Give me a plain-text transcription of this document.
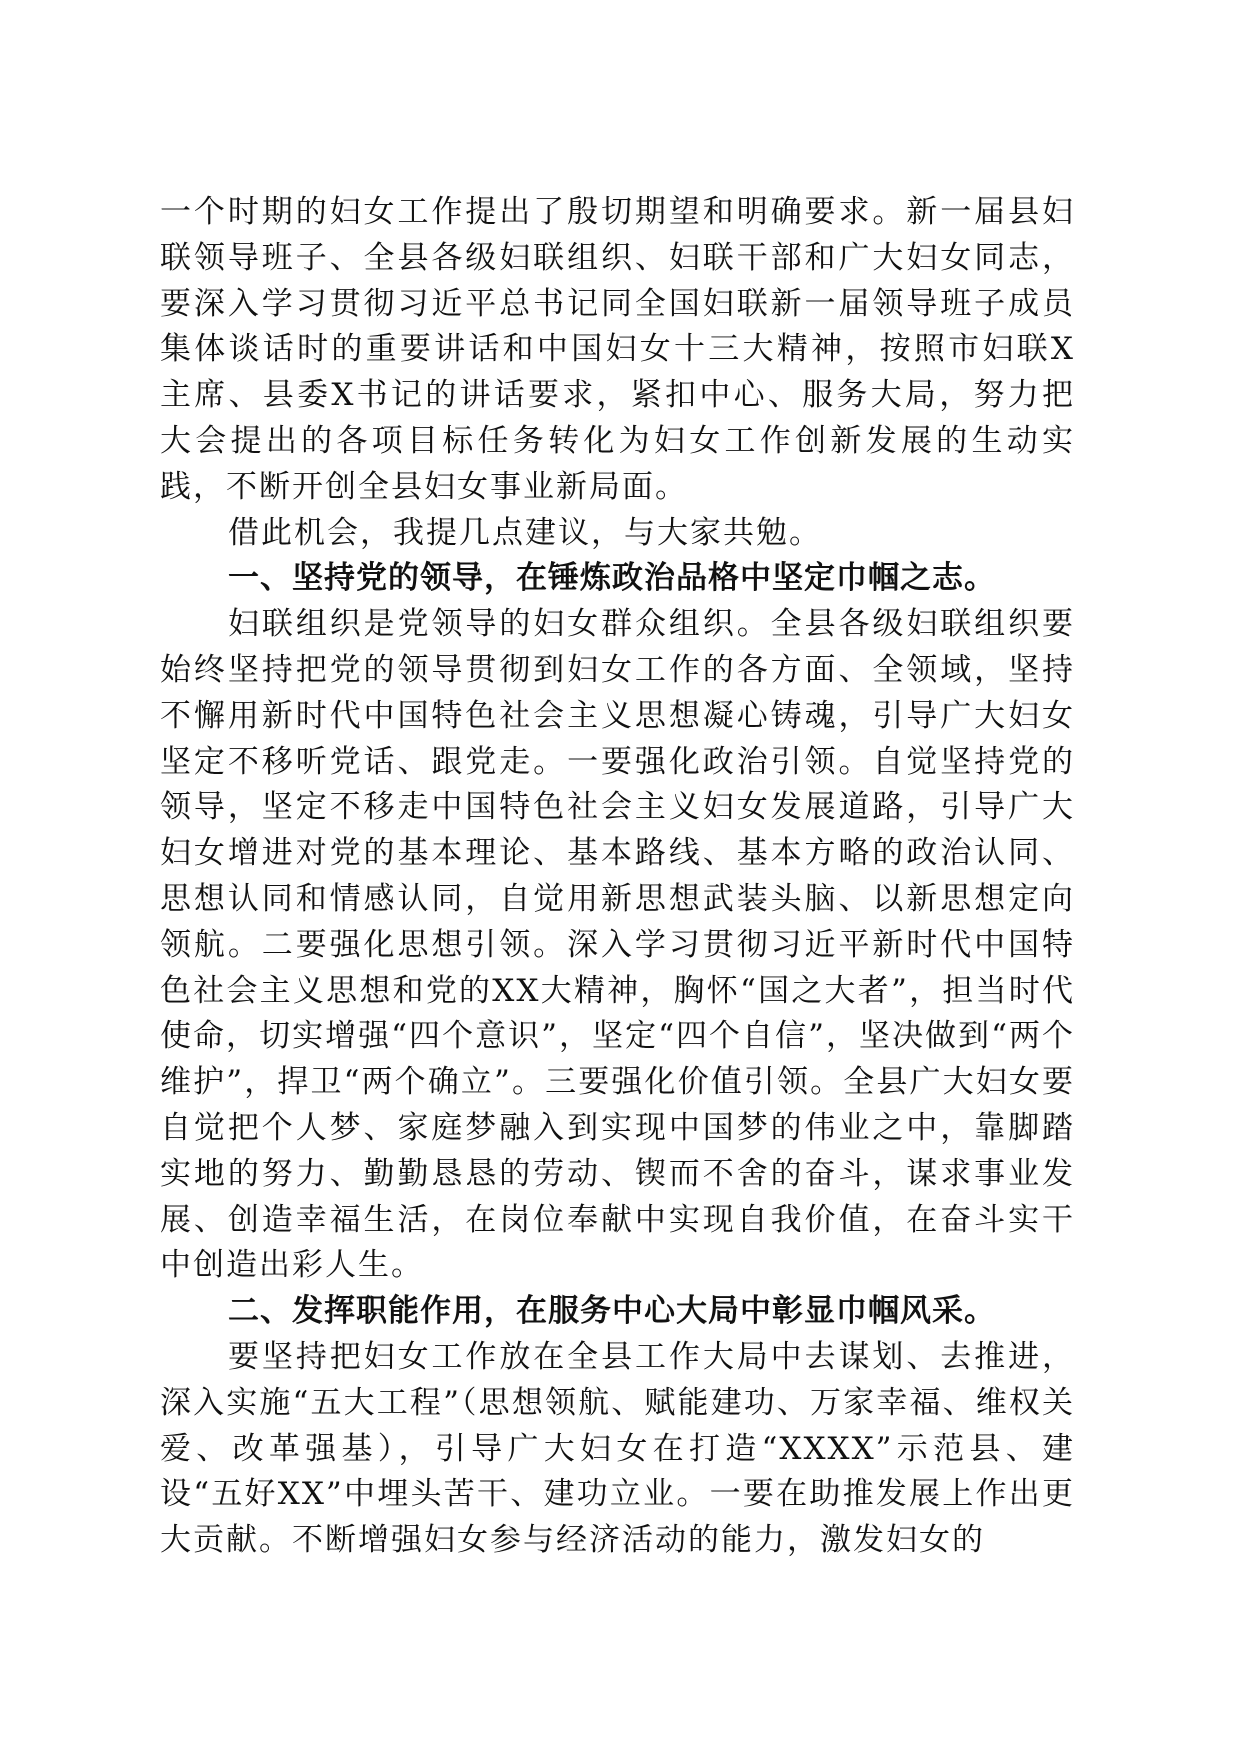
一个时期的妇女工作提出了殷切期望和明确要求。新一届县妇联领导班子、全县各级妇联组织、妇联干部和广大妇女同志，要深入学习贯彻习近平总书记同全国妇联新一届领导班子成员集体谈话时的重要讲话和中国妇女十三大精神，按照市妇联X主席、县委X书记的讲话要求，紧扣中心、服务大局，努力把大会提出的各项目标任务转化为妇女工作创新发展的生动实践，不断开创全县妇女事业新局面。

借此机会，我提几点建议，与大家共勉。

一、坚持党的领导，在锤炼政治品格中坚定巾帼之志。

妇联组织是党领导的妇女群众组织。全县各级妇联组织要始终坚持把党的领导贯彻到妇女工作的各方面、全领域，坚持不懈用新时代中国特色社会主义思想凝心铸魂，引导广大妇女坚定不移听党话、跟党走。一要强化政治引领。自觉坚持党的领导，坚定不移走中国特色社会主义妇女发展道路，引导广大妇女增进对党的基本理论、基本路线、基本方略的政治认同、思想认同和情感认同，自觉用新思想武装头脑、以新思想定向领航。二要强化思想引领。深入学习贯彻习近平新时代中国特色社会主义思想和党的XX大精神，胸怀“国之大者”，担当时代使命，切实增强“四个意识”，坚定“四个自信”，坚决做到“两个维护”，捍卫“两个确立”。三要强化价值引领。全县广大妇女要自觉把个人梦、家庭梦融入到实现中国梦的伟业之中，靠脚踏实地的努力、勤勤恳恳的劳动、锲而不舍的奋斗，谋求事业发展、创造幸福生活，在岗位奉献中实现自我价值，在奋斗实干中创造出彩人生。

二、发挥职能作用，在服务中心大局中彰显巾帼风采。

要坚持把妇女工作放在全县工作大局中去谋划、去推进，深入实施“五大工程”（思想领航、赋能建功、万家幸福、维权关爱、改革强基），引导广大妇女在打造“XXXX”示范县、建设“五好XX”中埋头苦干、建功立业。一要在助推发展上作出更大贡献。不断增强妇女参与经济活动的能力，激发妇女的
